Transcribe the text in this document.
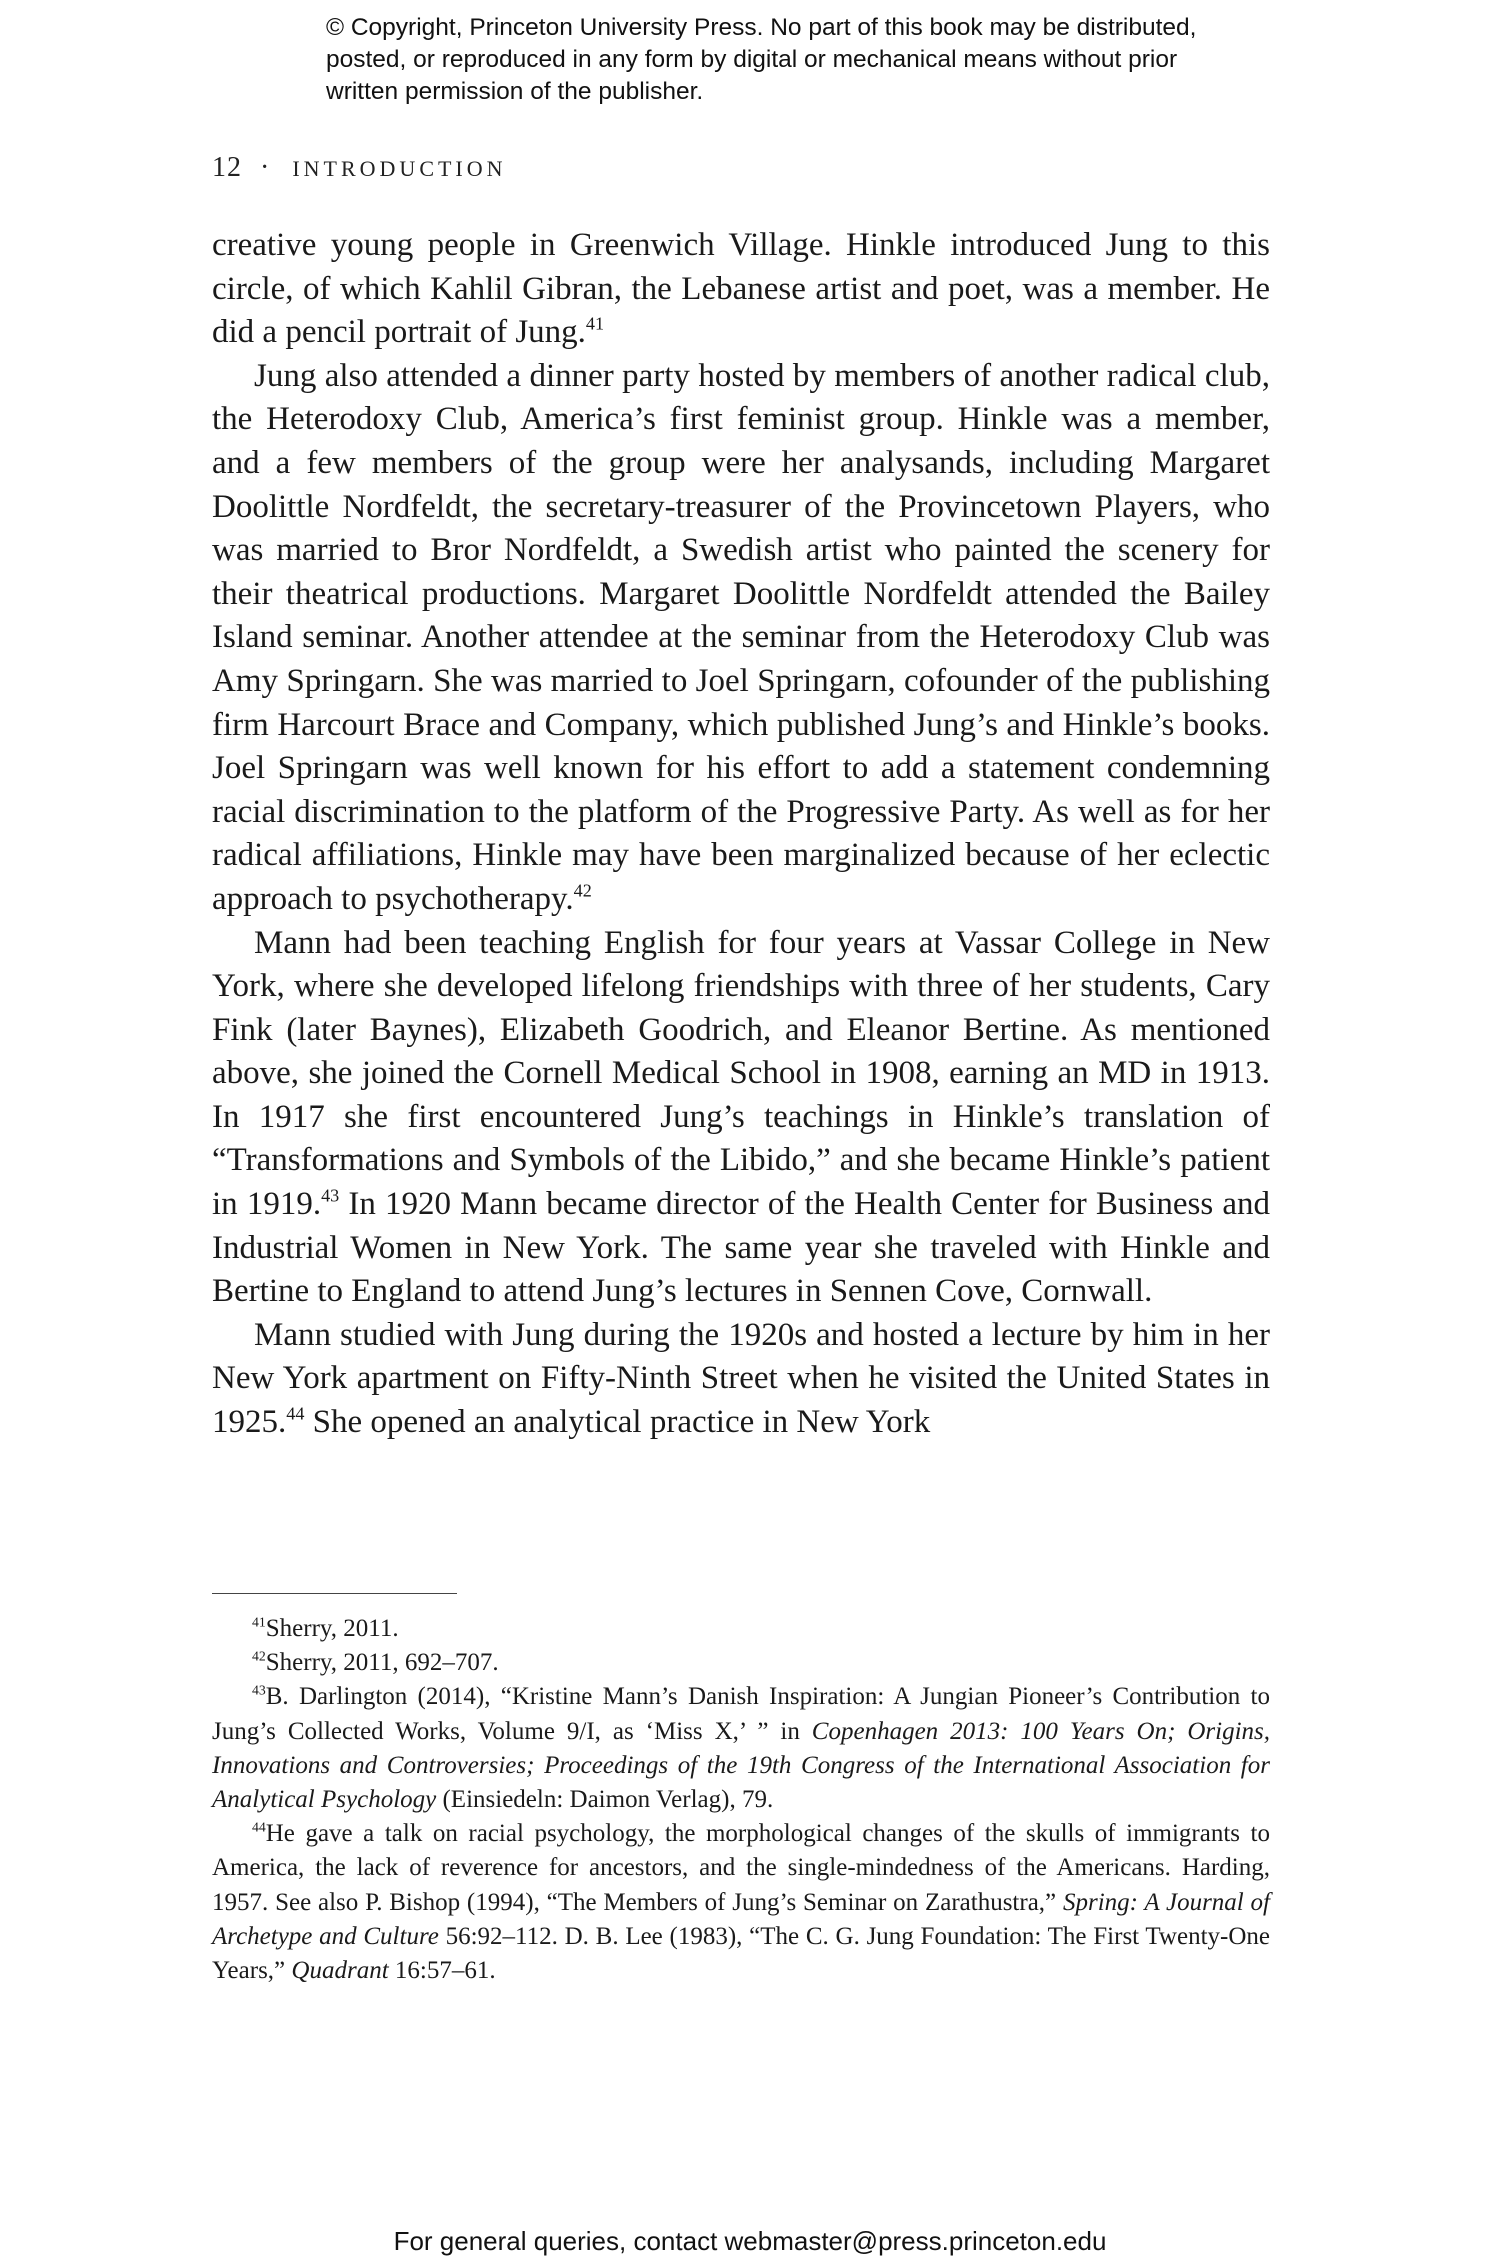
© Copyright, Princeton University Press. No part of this book may be distributed, posted, or reproduced in any form by digital or mechanical means without prior written permission of the publisher.
12 · INTRODUCTION

creative young people in Greenwich Village. Hinkle introduced Jung to this circle, of which Kahlil Gibran, the Lebanese artist and poet, was a member. He did a pencil portrait of Jung.$^{41}$

Jung also attended a dinner party hosted by members of another radical club, the Heterodoxy Club, America’s first feminist group. Hinkle was a member, and a few members of the group were her analysands, including Margaret Doolittle Nordfeldt, the secretary-treasurer of the Provincetown Players, who was married to Bror Nordfeldt, a Swedish artist who painted the scenery for their theatrical productions. Margaret Doolittle Nordfeldt attended the Bailey Island seminar. Another attendee at the seminar from the Heterodoxy Club was Amy Springarn. She was married to Joel Springarn, cofounder of the publishing firm Harcourt Brace and Company, which published Jung’s and Hinkle’s books. Joel Springarn was well known for his effort to add a statement condemning racial discrimination to the platform of the Progressive Party. As well as for her radical affiliations, Hinkle may have been marginalized because of her eclectic approach to psychotherapy.$^{42}$

Mann had been teaching English for four years at Vassar College in New York, where she developed lifelong friendships with three of her students, Cary Fink (later Baynes), Elizabeth Goodrich, and Eleanor Bertine. As mentioned above, she joined the Cornell Medical School in 1908, earning an MD in 1913. In 1917 she first encountered Jung’s teachings in Hinkle’s translation of “Transformations and Symbols of the Libido,” and she became Hinkle’s patient in 1919.43 In 1920 Mann became director of the Health Center for Business and Industrial Women in New York. The same year she traveled with Hinkle and Bertine to England to attend Jung’s lectures in Sennen Cove, Cornwall.

Mann studied with Jung during the 1920s and hosted a lecture by him in her New York apartment on Fifty-Ninth Street when he visited the United States in 1925.44 She opened an analytical practice in New York

$^{41}$Sherry, 2011.

$^{42}$Sherry, 2011, 692–707.

$^{43}$B. Darlington (2014), “Kristine Mann’s Danish Inspiration: A Jungian Pioneer’s Contribution to Jung’s Collected Works, Volume 9/I, as ‘Miss X,’ ” in Copenhagen 2013: 100 Years On; Origins, Innovations and Controversies; Proceedings of the 19th Congress of the International Association for Analytical Psychology (Einsiedeln: Daimon Verlag), 79.

$^{44}$He gave a talk on racial psychology, the morphological changes of the skulls of immigrants to America, the lack of reverence for ancestors, and the single-mindedness of the Americans. Harding, 1957. See also P. Bishop (1994), “The Members of Jung’s Seminar on Zarathustra,” Spring: A Journal of Archetype and Culture 56:92–112. D. B. Lee (1983), “The C. G. Jung Foundation: The First Twenty-One Years,” Quadrant 16:57–61.

For general queries, contact webmaster@press.princeton.edu
